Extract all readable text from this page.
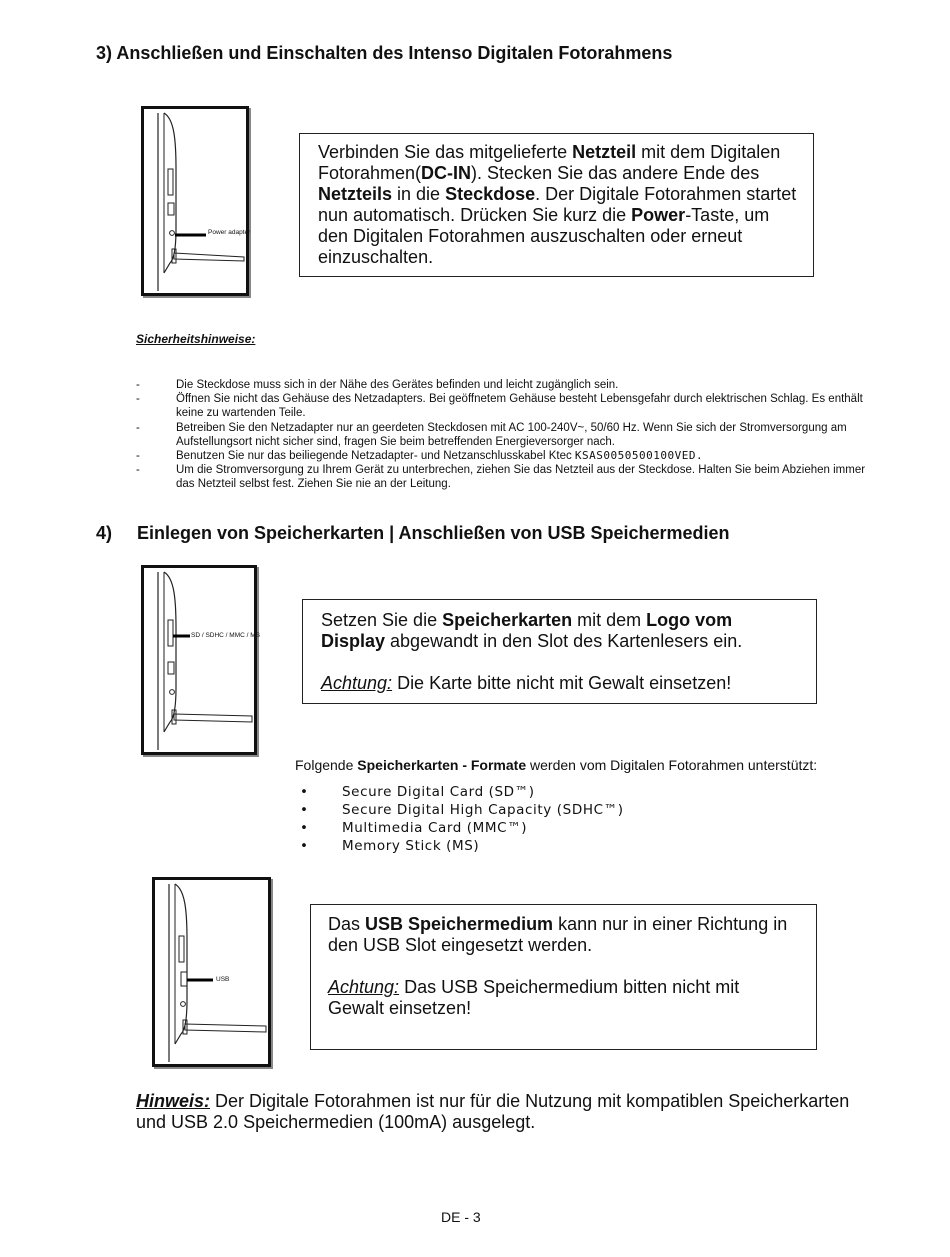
3) Anschließen und Einschalten des Intenso Digitalen Fotorahmens
Power adapter

Verbinden Sie das mitgelieferte Netzteil mit dem Digitalen Fotorahmen(DC-IN). Stecken Sie das andere Ende des Netzteils in die Steckdose. Der Digitale Fotorahmen startet nun automatisch. Drücken Sie kurz die Power-Taste, um den Digitalen Fotorahmen auszuschalten oder erneut einzuschalten.

Sicherheitshinweise:
-	Die Steckdose muss sich in der Nähe des Gerätes befinden und leicht zugänglich sein.
-	Öffnen Sie nicht das Gehäuse des Netzadapters. Bei geöffnetem Gehäuse besteht Lebensgefahr durch elektrischen Schlag. Es enthält keine zu wartenden Teile.
-	Betreiben Sie den Netzadapter nur an geerdeten Steckdosen mit AC 100-240V~, 50/60 Hz. Wenn Sie sich der Stromversorgung am Aufstellungsort nicht sicher sind, fragen Sie beim betreffenden Energieversorger nach.
-	Benutzen Sie nur das beiliegende Netzadapter- und Netzanschlusskabel Ktec KSAS0050500100VED.
-	Um die Stromversorgung zu Ihrem Gerät zu unterbrechen, ziehen Sie das Netzteil aus der Steckdose. Halten Sie beim Abziehen immer das Netzteil selbst fest. Ziehen Sie nie an der Leitung.
4) Einlegen von Speicherkarten | Anschließen von USB Speichermedien
SD / SDHC / MMC / MS

Setzen Sie die Speicherkarten mit dem Logo vom Display abgewandt in den Slot des Kartenlesers ein.

Achtung: Die Karte bitte nicht mit Gewalt einsetzen!

Folgende Speicherkarten - Formate werden vom Digitalen Fotorahmen unterstützt:
• Secure Digital Card (SD™)
• Secure Digital High Capacity (SDHC™)
• Multimedia Card (MMC™)
• Memory Stick (MS)
USB

Das USB Speichermedium kann nur in einer Richtung in den USB Slot eingesetzt werden.

Achtung: Das USB Speichermedium bitten nicht mit Gewalt einsetzen!

Hinweis: Der Digitale Fotorahmen ist nur für die Nutzung mit kompatiblen Speicherkarten und USB 2.0 Speichermedien (100mA) ausgelegt.
DE - 3
